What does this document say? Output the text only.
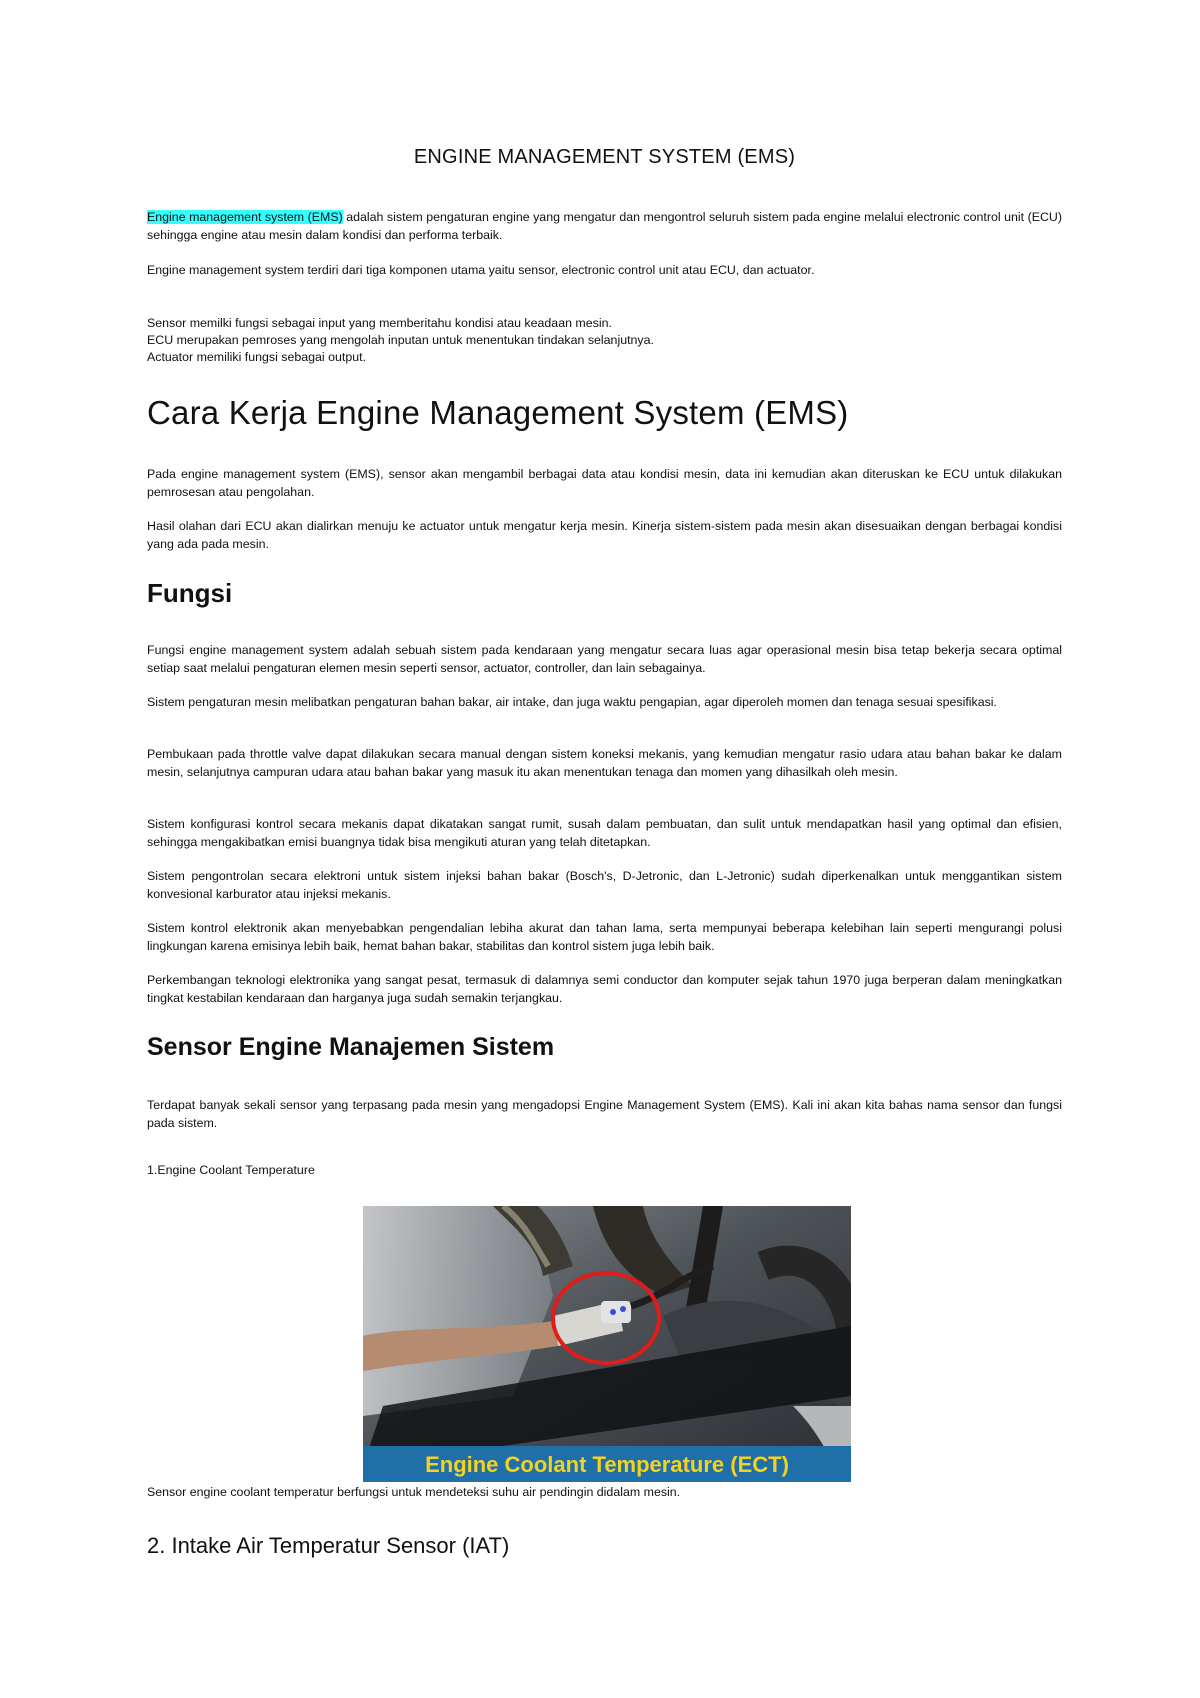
ENGINE MANAGEMENT SYSTEM (EMS)

Engine management system (EMS) adalah sistem pengaturan engine yang mengatur dan mengontrol seluruh sistem pada engine melalui electronic control unit (ECU) sehingga engine atau mesin dalam kondisi dan performa terbaik.

Engine management system terdiri dari tiga komponen utama yaitu sensor, electronic control unit atau ECU, dan actuator.

Sensor memilki fungsi sebagai input yang memberitahu kondisi atau keadaan mesin.

ECU merupakan pemroses yang mengolah inputan untuk menentukan tindakan selanjutnya.

Actuator memiliki fungsi sebagai output.

Cara Kerja Engine Management System (EMS)

Pada engine management system (EMS), sensor akan mengambil berbagai data atau kondisi mesin, data ini kemudian akan diteruskan ke ECU untuk dilakukan pemrosesan atau pengolahan.

Hasil olahan dari ECU akan dialirkan menuju ke actuator untuk mengatur kerja mesin. Kinerja sistem-sistem pada mesin akan disesuaikan dengan berbagai kondisi yang ada pada mesin.

Fungsi

Fungsi engine management system adalah sebuah sistem pada kendaraan yang mengatur secara luas agar operasional mesin bisa tetap bekerja secara optimal setiap saat melalui pengaturan elemen mesin seperti sensor, actuator, controller, dan lain sebagainya.

Sistem pengaturan mesin melibatkan pengaturan bahan bakar, air intake, dan juga waktu pengapian, agar diperoleh momen dan tenaga sesuai spesifikasi.

Pembukaan pada throttle valve dapat dilakukan secara manual dengan sistem koneksi mekanis, yang kemudian mengatur rasio udara atau bahan bakar ke dalam mesin, selanjutnya campuran udara atau bahan bakar yang masuk itu akan menentukan tenaga dan momen yang dihasilkah oleh mesin.

Sistem konfigurasi kontrol secara mekanis dapat dikatakan sangat rumit, susah dalam pembuatan, dan sulit untuk mendapatkan hasil yang optimal dan efisien, sehingga mengakibatkan emisi buangnya tidak bisa mengikuti aturan yang telah ditetapkan.

Sistem pengontrolan secara elektroni untuk sistem injeksi bahan bakar (Bosch's, D-Jetronic, dan L-Jetronic) sudah diperkenalkan untuk menggantikan sistem konvesional karburator atau injeksi mekanis.

Sistem kontrol elektronik akan menyebabkan pengendalian lebiha akurat dan tahan lama, serta mempunyai beberapa kelebihan lain seperti mengurangi polusi lingkungan karena emisinya lebih baik, hemat bahan bakar, stabilitas dan kontrol sistem juga lebih baik.

Perkembangan teknologi elektronika yang sangat pesat, termasuk di dalamnya semi conductor dan komputer sejak tahun 1970 juga berperan dalam meningkatkan tingkat kestabilan kendaraan dan harganya juga sudah semakin terjangkau.

Sensor Engine Manajemen Sistem

Terdapat banyak sekali sensor yang terpasang pada mesin yang mengadopsi Engine Management System (EMS). Kali ini akan kita bahas nama sensor dan fungsi pada sistem.

1.Engine Coolant Temperature

Engine Coolant Temperature (ECT)

Sensor engine coolant temperatur berfungsi untuk mendeteksi suhu air pendingin didalam mesin.

2. Intake Air Temperatur Sensor (IAT)
